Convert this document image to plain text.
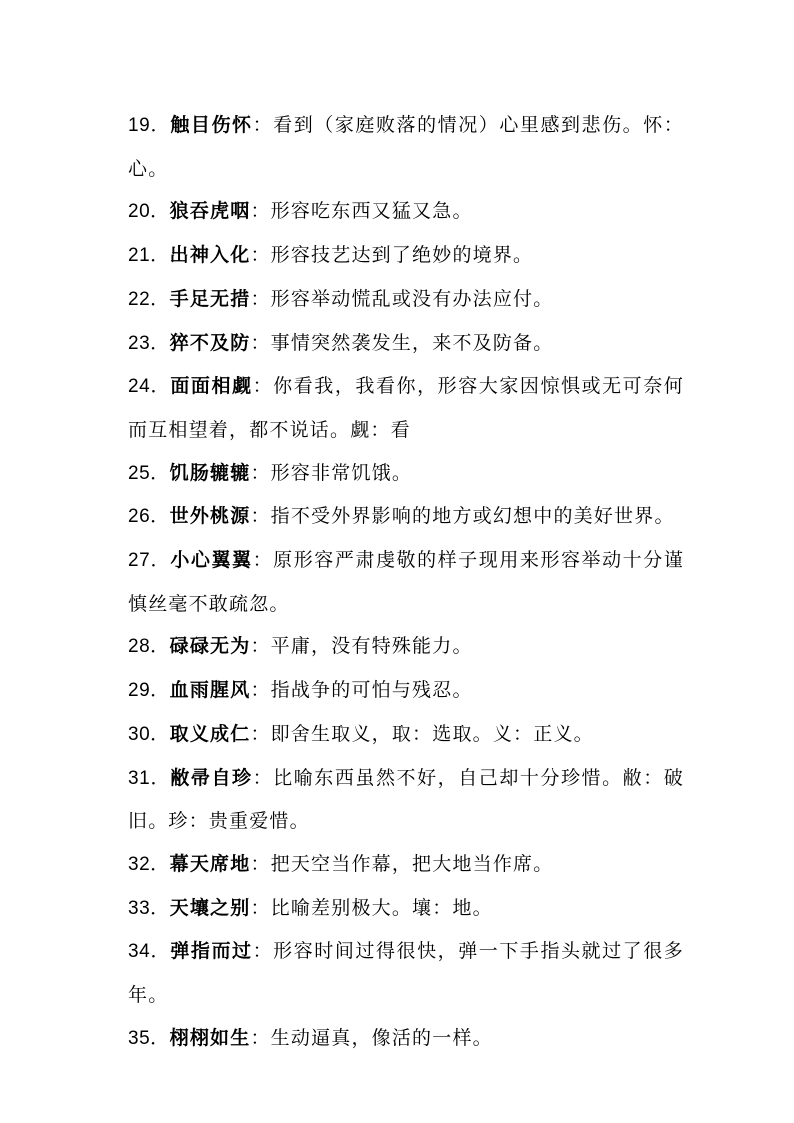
19．触目伤怀：看到（家庭败落的情况）心里感到悲伤。怀：心。
20．狼吞虎咽：形容吃东西又猛又急。
21．出神入化：形容技艺达到了绝妙的境界。
22．手足无措：形容举动慌乱或没有办法应付。
23．猝不及防：事情突然袭发生，来不及防备。
24．面面相觑：你看我，我看你，形容大家因惊惧或无可奈何而互相望着，都不说话。觑：看
25．饥肠辘辘：形容非常饥饿。
26．世外桃源：指不受外界影响的地方或幻想中的美好世界。
27．小心翼翼：原形容严肃虔敬的样子现用来形容举动十分谨慎丝毫不敢疏忽。
28．碌碌无为：平庸，没有特殊能力。
29．血雨腥风：指战争的可怕与残忍。
30．取义成仁：即舍生取义，取：选取。义：正义。
31．敝帚自珍：比喻东西虽然不好，自己却十分珍惜。敝：破旧。珍：贵重爱惜。
32．幕天席地：把天空当作幕，把大地当作席。
33．天壤之别：比喻差别极大。壤：地。
34．弹指而过：形容时间过得很快，弹一下手指头就过了很多年。
35．栩栩如生：生动逼真，像活的一样。
